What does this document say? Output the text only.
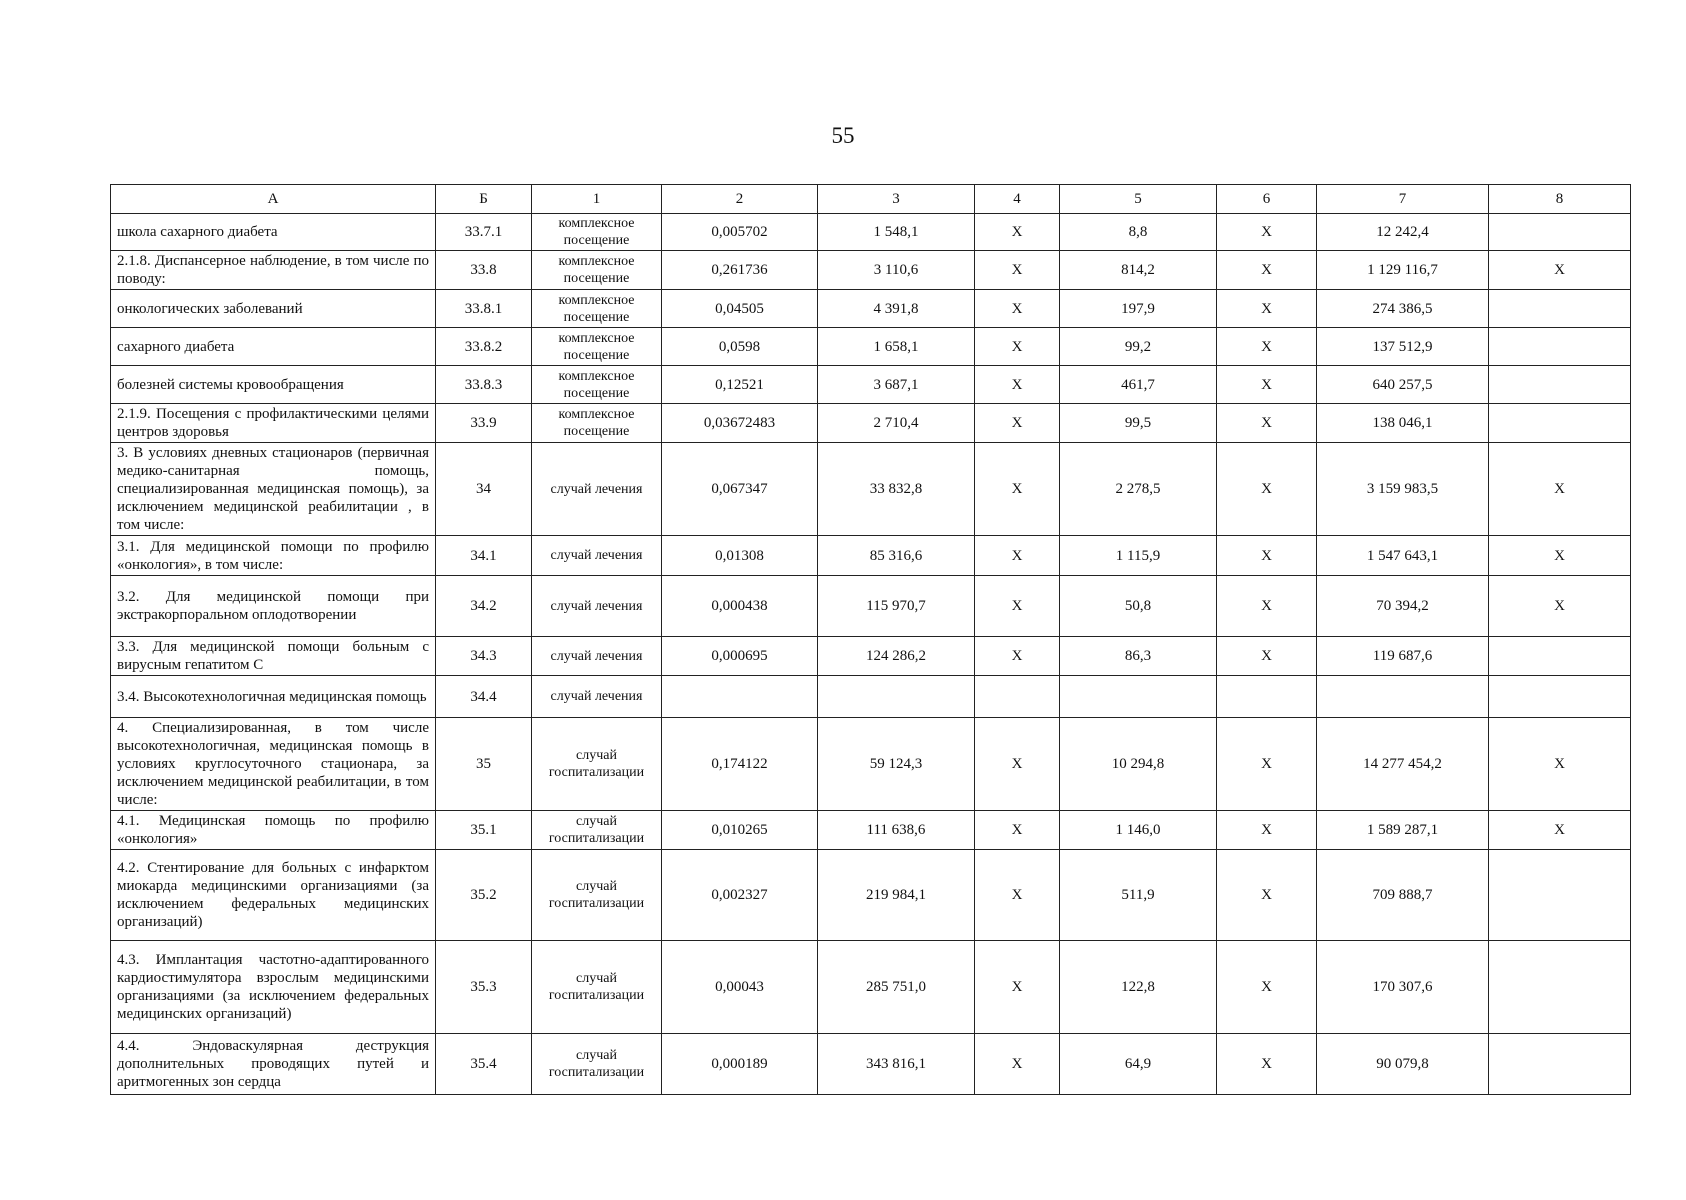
55
А	Б	1	2	3	4	5	6	7	8
школа сахарного диабета	33.7.1	комплексное посещение	0,005702	1 548,1	X	8,8	X	12 242,4	
2.1.8. Диспансерное наблюдение, в том числе по поводу:	33.8	комплексное посещение	0,261736	3 110,6	X	814,2	X	1 129 116,7	X
онкологических заболеваний	33.8.1	комплексное посещение	0,04505	4 391,8	X	197,9	X	274 386,5	
сахарного диабета	33.8.2	комплексное посещение	0,0598	1 658,1	X	99,2	X	137 512,9	
болезней системы кровообращения	33.8.3	комплексное посещение	0,12521	3 687,1	X	461,7	X	640 257,5	
2.1.9. Посещения с профилактическими целями центров здоровья	33.9	комплексное посещение	0,03672483	2 710,4	X	99,5	X	138 046,1	
3. В условиях дневных стационаров (первичная медико-санитарная помощь, специализированная медицинская помощь), за исключением медицинской реабилитации , в том числе:	34	случай лечения	0,067347	33 832,8	X	2 278,5	X	3 159 983,5	X
3.1. Для медицинской помощи по профилю «онкология», в том числе:	34.1	случай лечения	0,01308	85 316,6	X	1 115,9	X	1 547 643,1	X
3.2. Для медицинской помощи при экстракорпоральном оплодотворении	34.2	случай лечения	0,000438	115 970,7	X	50,8	X	70 394,2	X
3.3. Для медицинской помощи больным с вирусным гепатитом С	34.3	случай лечения	0,000695	124 286,2	X	86,3	X	119 687,6	
3.4. Высокотехнологичная медицинская помощь	34.4	случай лечения							
4. Специализированная, в том числе высокотехнологичная, медицинская помощь в условиях круглосуточного стационара, за исключением медицинской реабилитации, в том числе:	35	случай госпитализации	0,174122	59 124,3	X	10 294,8	X	14 277 454,2	X
4.1. Медицинская помощь по профилю «онкология»	35.1	случай госпитализации	0,010265	111 638,6	X	1 146,0	X	1 589 287,1	X
4.2. Стентирование для больных с инфарктом миокарда медицинскими организациями (за исключением федеральных медицинских организаций)	35.2	случай госпитализации	0,002327	219 984,1	X	511,9	X	709 888,7	
4.3. Имплантация частотно-адаптированного кардиостимулятора взрослым медицинскими организациями (за исключением федеральных медицинских организаций)	35.3	случай госпитализации	0,00043	285 751,0	X	122,8	X	170 307,6	
4.4. Эндоваскулярная деструкция дополнительных проводящих путей и аритмогенных зон сердца	35.4	случай госпитализации	0,000189	343 816,1	X	64,9	X	90 079,8	
